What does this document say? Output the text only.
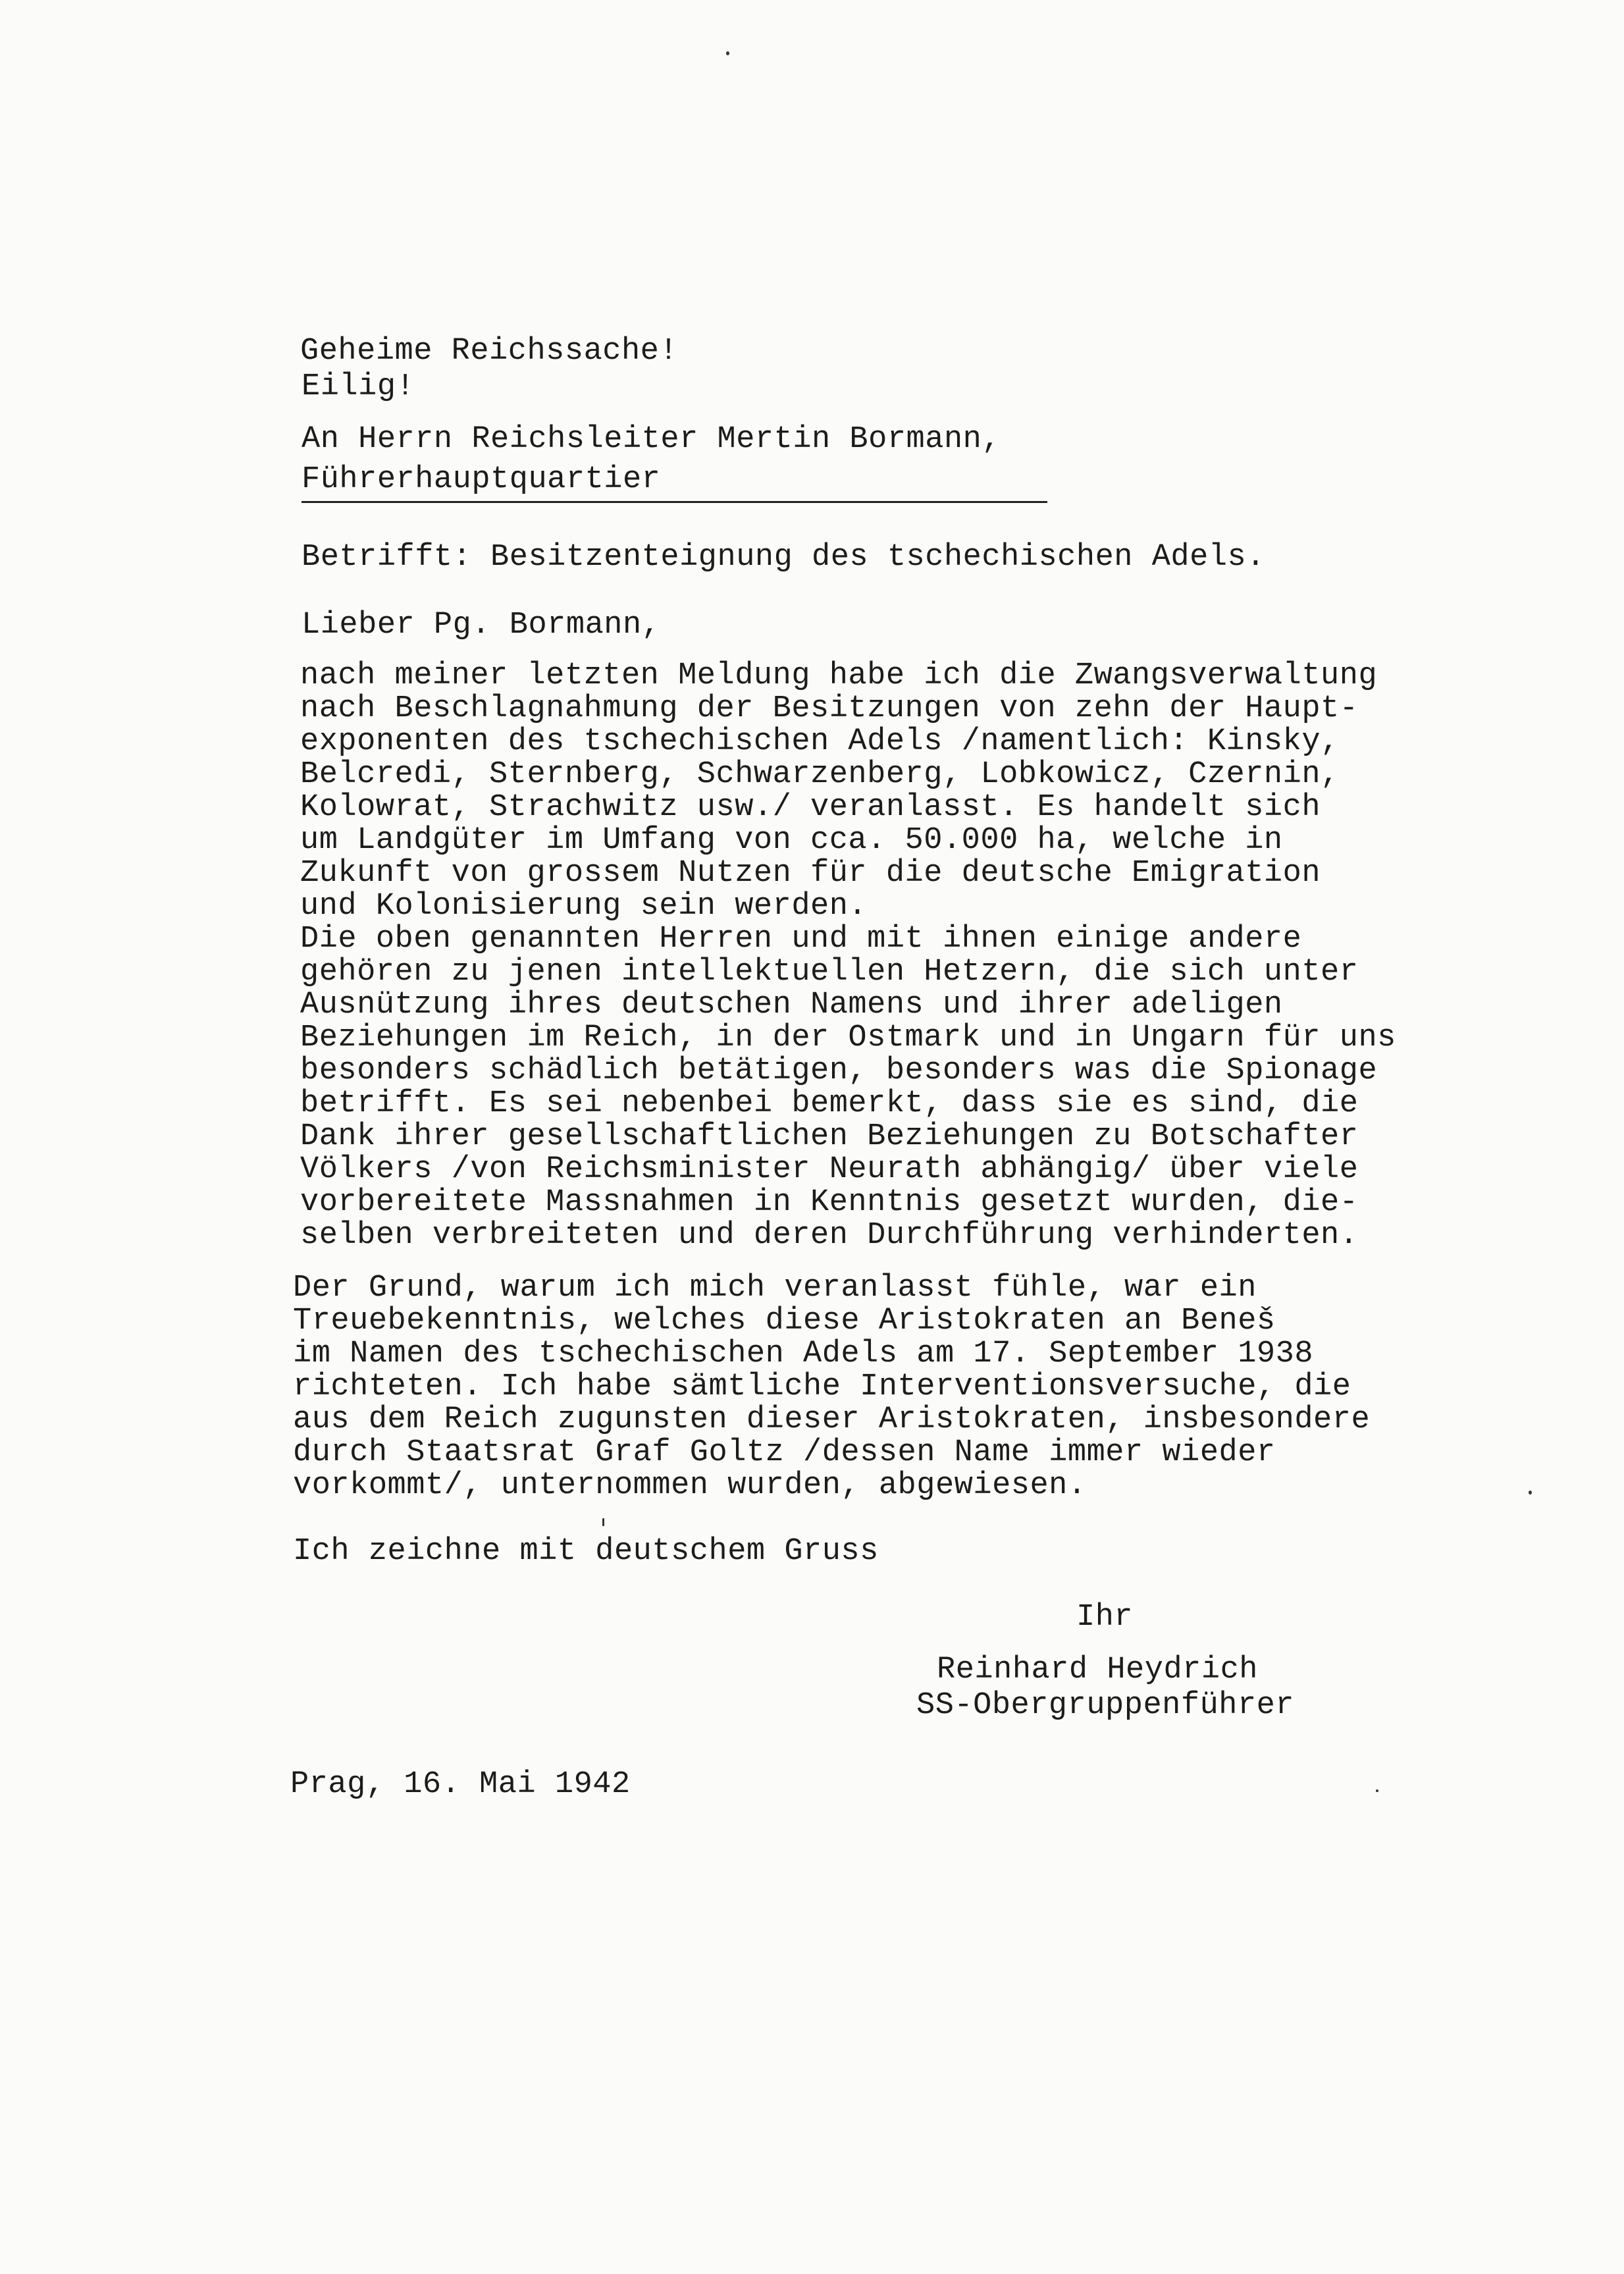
Geheime Reichssache!
Eilig!
An Herrn Reichsleiter Mertin Bormann,
Führerhauptquartier
Betrifft: Besitzenteignung des tschechischen Adels.
Lieber Pg. Bormann,
nach meiner letzten Meldung habe ich die Zwangsverwaltung
nach Beschlagnahmung der Besitzungen von zehn der Haupt-
exponenten des tschechischen Adels /namentlich: Kinsky,
Belcredi, Sternberg, Schwarzenberg, Lobkowicz, Czernin,
Kolowrat, Strachwitz usw./ veranlasst. Es handelt sich
um Landgüter im Umfang von cca. 50.000 ha, welche in
Zukunft von grossem Nutzen für die deutsche Emigration
und Kolonisierung sein werden.
Die oben genannten Herren und mit ihnen einige andere
gehören zu jenen intellektuellen Hetzern, die sich unter
Ausnützung ihres deutschen Namens und ihrer adeligen
Beziehungen im Reich, in der Ostmark und in Ungarn für uns
besonders schädlich betätigen, besonders was die Spionage
betrifft. Es sei nebenbei bemerkt, dass sie es sind, die
Dank ihrer gesellschaftlichen Beziehungen zu Botschafter
Völkers /von Reichsminister Neurath abhängig/ über viele
vorbereitete Massnahmen in Kenntnis gesetzt wurden, die-
selben verbreiteten und deren Durchführung verhinderten.
Der Grund, warum ich mich veranlasst fühle, war ein
Treuebekenntnis, welches diese Aristokraten an Beneš
im Namen des tschechischen Adels am 17. September 1938
richteten. Ich habe sämtliche Interventionsversuche, die
aus dem Reich zugunsten dieser Aristokraten, insbesondere
durch Staatsrat Graf Goltz /dessen Name immer wieder
vorkommt/, unternommen wurden, abgewiesen.
Ich zeichne mit deutschem Gruss
Ihr
Reinhard Heydrich
SS-Obergruppenführer
Prag, 16. Mai 1942
